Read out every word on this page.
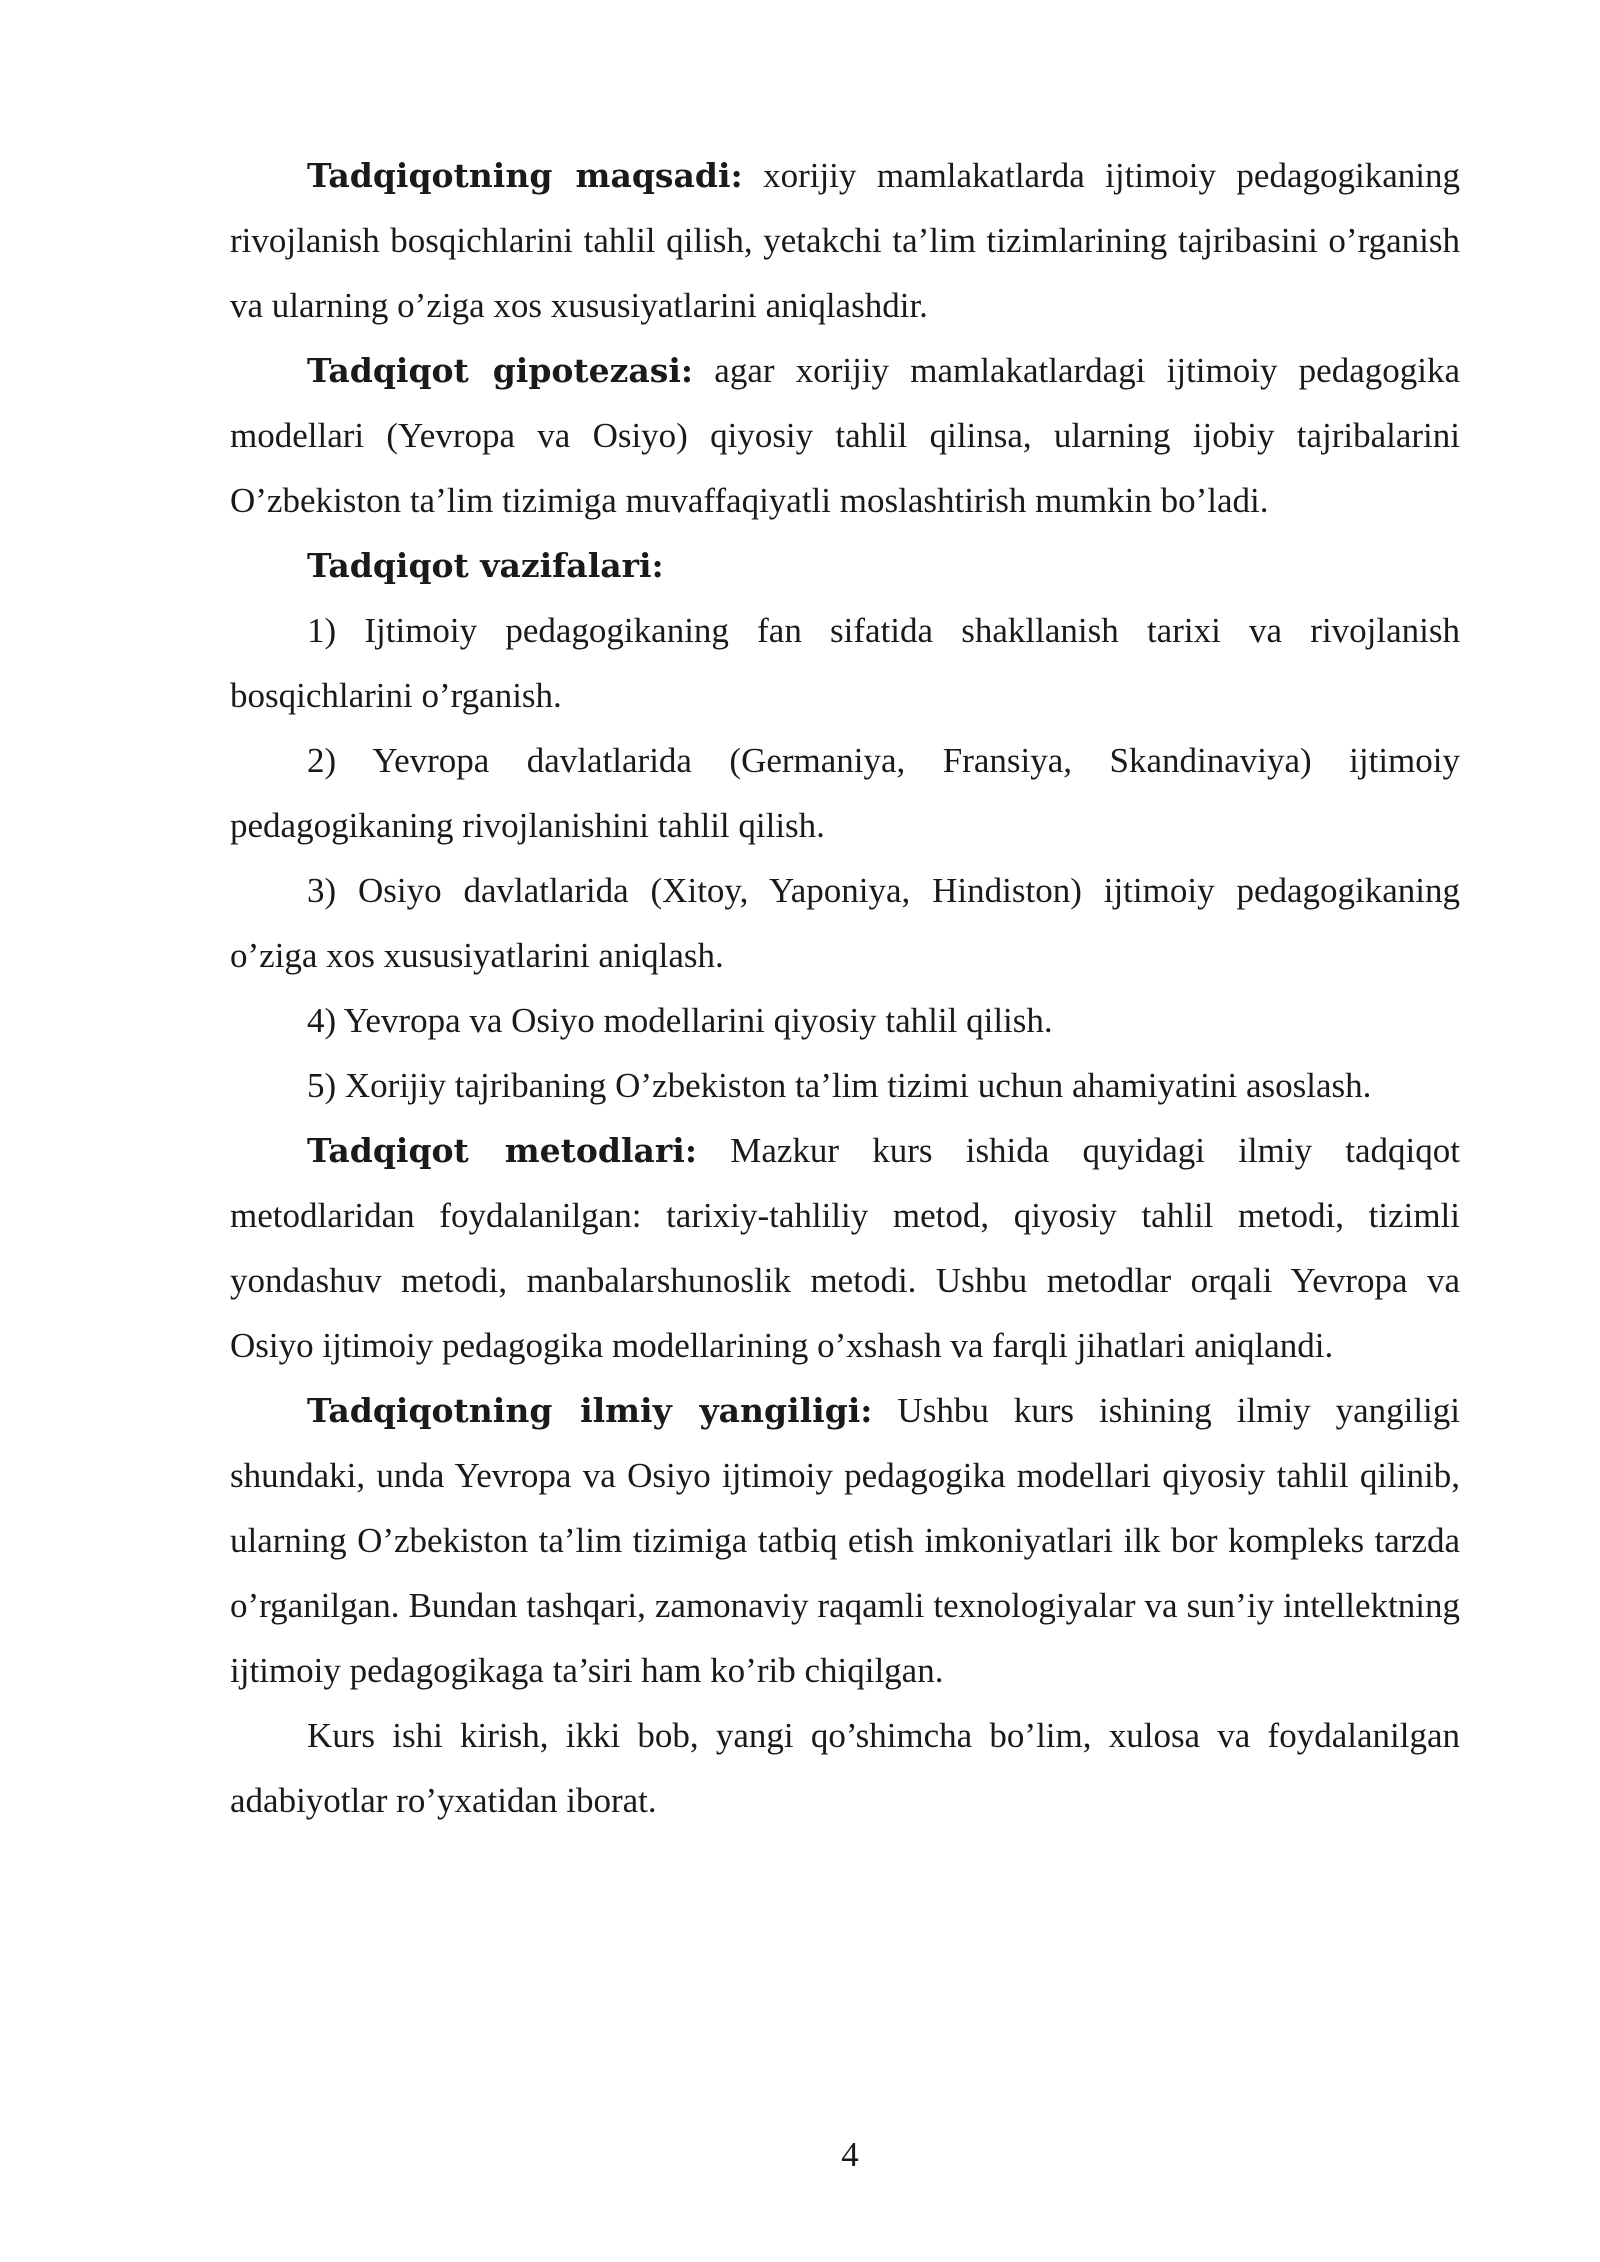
Tadqiqotning maqsadi: xorijiy mamlakatlarda ijtimoiy pedagogikaning rivojlanish bosqichlarini tahlil qilish, yetakchi ta’lim tizimlarining tajribasini o’rganish va ularning o’ziga xos xususiyatlarini aniqlashdir.

Tadqiqot gipotezasi: agar xorijiy mamlakatlardagi ijtimoiy pedagogika modellari (Yevropa va Osiyo) qiyosiy tahlil qilinsa, ularning ijobiy tajribalarini O’zbekiston ta’lim tizimiga muvaffaqiyatli moslashtirish mumkin bo’ladi.

Tadqiqot vazifalari:

1) Ijtimoiy pedagogikaning fan sifatida shakllanish tarixi va rivojlanish bosqichlarini o’rganish.

2) Yevropa davlatlarida (Germaniya, Fransiya, Skandinaviya) ijtimoiy pedagogikaning rivojlanishini tahlil qilish.

3) Osiyo davlatlarida (Xitoy, Yaponiya, Hindiston) ijtimoiy pedagogikaning o’ziga xos xususiyatlarini aniqlash.

4) Yevropa va Osiyo modellarini qiyosiy tahlil qilish.

5) Xorijiy tajribaning O’zbekiston ta’lim tizimi uchun ahamiyatini asoslash.

Tadqiqot metodlari: Mazkur kurs ishida quyidagi ilmiy tadqiqot metodlaridan foydalanilgan: tarixiy-tahliliy metod, qiyosiy tahlil metodi, tizimli yondashuv metodi, manbalarshunoslik metodi. Ushbu metodlar orqali Yevropa va Osiyo ijtimoiy pedagogika modellarining o’xshash va farqli jihatlari aniqlandi.

Tadqiqotning ilmiy yangiligi: Ushbu kurs ishining ilmiy yangiligi shundaki, unda Yevropa va Osiyo ijtimoiy pedagogika modellari qiyosiy tahlil qilinib, ularning O’zbekiston ta’lim tizimiga tatbiq etish imkoniyatlari ilk bor kompleks tarzda o’rganilgan. Bundan tashqari, zamonaviy raqamli texnologiyalar va sun’iy intellektning ijtimoiy pedagogikaga ta’siri ham ko’rib chiqilgan.

Kurs ishi kirish, ikki bob, yangi qo’shimcha bo’lim, xulosa va foydalanilgan adabiyotlar ro’yxatidan iborat.

4
